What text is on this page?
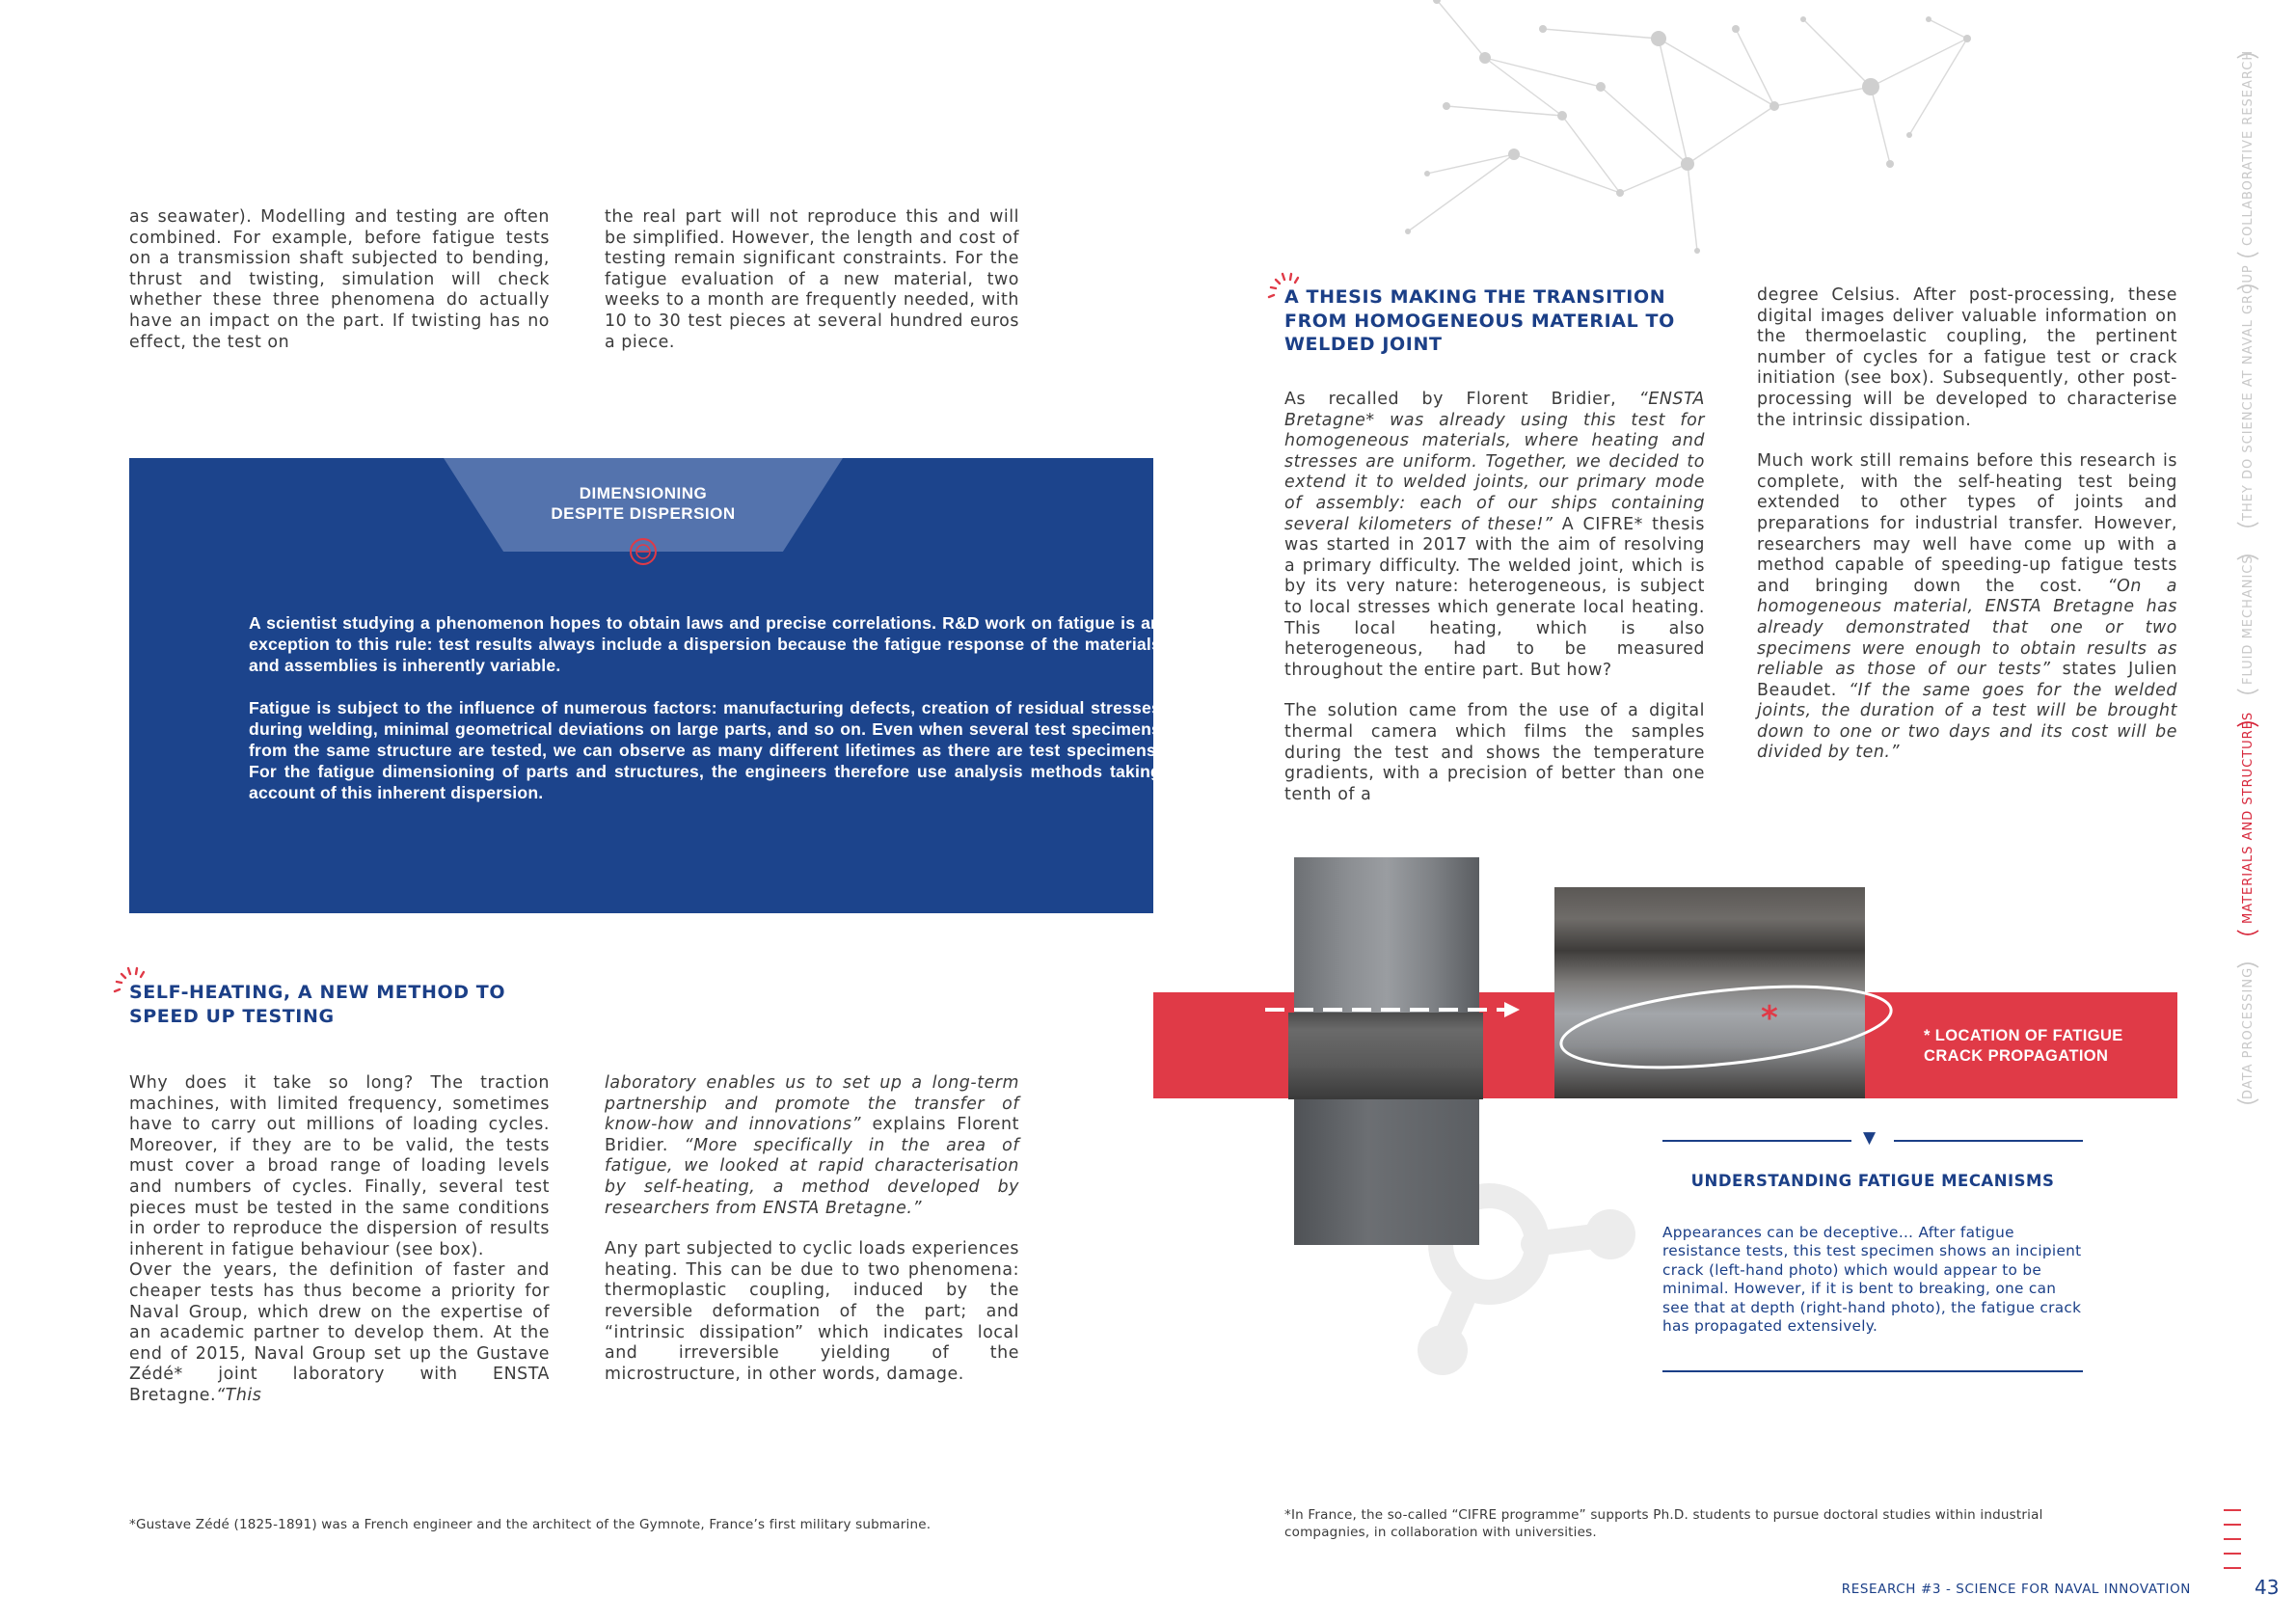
as seawater). Modelling and testing are often combined. For example, before fatigue tests on a transmission shaft subjected to bending, thrust and twisting, simulation will check whether these three phenomena do actually have an impact on the part. If twisting has no effect, the test on

the real part will not reproduce this and will be simplified. However, the length and cost of testing remain significant constraints. For the fatigue evaluation of a new material, two weeks to a month are frequently needed, with 10 to 30 test pieces at several hundred euros a piece.

DIMENSIONING
DESPITE DISPERSION

A scientist studying a phenomenon hopes to obtain laws and precise correlations. R&D work on fatigue is an exception to this rule: test results always include a dispersion because the fatigue response of the materials and assemblies is inherently variable.

Fatigue is subject to the influence of numerous factors: manufacturing defects, creation of residual stresses during welding, minimal geometrical deviations on large parts, and so on. Even when several test specimens from the same structure are tested, we can observe as many different lifetimes as there are test specimens. For the fatigue dimensioning of parts and structures, the engineers therefore use analysis methods taking account of this inherent dispersion.

SELF-HEATING, A NEW METHOD TO
SPEED UP TESTING

Why does it take so long? The traction machines, with limited frequency, sometimes have to carry out millions of loading cycles. Moreover, if they are to be valid, the tests must cover a broad range of loading levels and numbers of cycles. Finally, several test pieces must be tested in the same conditions in order to reproduce the dispersion of results inherent in fatigue behaviour (see box).

Over the years, the definition of faster and cheaper tests has thus become a priority for Naval Group, which drew on the expertise of an academic partner to develop them. At the end of 2015, Naval Group set up the Gustave Zédé* joint laboratory with ENSTA Bretagne.“This

laboratory enables us to set up a long-term partnership and promote the transfer of know-how and innovations” explains Florent Bridier. “More specifically in the area of fatigue, we looked at rapid characterisation by self-heating, a method developed by researchers from ENSTA Bretagne.”

Any part subjected to cyclic loads experiences heating. This can be due to two phenomena: thermoplastic coupling, induced by the reversible deformation of the part; and “intrinsic dissipation” which indicates local and irreversible yielding of the microstructure, in other words, damage.

A THESIS MAKING THE TRANSITION
FROM HOMOGENEOUS MATERIAL TO
WELDED JOINT

As recalled by Florent Bridier, “ENSTA Bretagne* was already using this test for homogeneous materials, where heating and stresses are uniform. Together, we decided to extend it to welded joints, our primary mode of assembly: each of our ships containing several kilometers of these!” A CIFRE* thesis was started in 2017 with the aim of resolving a primary difficulty. The welded joint, which is by its very nature: heterogeneous, is subject to local stresses which generate local heating. This local heating, which is also heterogeneous, had to be measured throughout the entire part. But how?

The solution came from the use of a digital thermal camera which films the samples during the test and shows the temperature gradients, with a precision of better than one tenth of a

degree Celsius. After post-processing, these digital images deliver valuable information on the thermoelastic coupling, the pertinent number of cycles for a fatigue test or crack initiation (see box). Subsequently, other post-processing will be developed to characterise the intrinsic dissipation.

Much work still remains before this research is complete, with the self-heating test being extended to other types of joints and preparations for industrial transfer. However, researchers may well have come up with a method capable of speeding-up fatigue tests and bringing down the cost. “On a homogeneous material, ENSTA Bretagne has already demonstrated that one or two specimens were enough to obtain results as reliable as those of our tests” states Julien Beaudet. “If the same goes for the welded joints, the duration of a test will be brought down to one or two days and its cost will be divided by ten.”

*	* LOCATION OF FATIGUE
CRACK PROPAGATION
▼
UNDERSTANDING FATIGUE MECANISMS
Appearances can be deceptive… After fatigue resistance tests, this test specimen shows an incipient crack (left-hand photo) which would appear to be minimal. However, if it is bent to breaking, one can see that at depth (right-hand photo), the fatigue crack has propagated extensively.
*Gustave Zédé (1825-1891) was a French engineer and the architect of the Gymnote, France’s first military submarine.
*In France, the so-called “CIFRE programme” supports Ph.D. students to pursue doctoral studies within industrial compagnies, in collaboration with universities.
RESEARCH #3 - SCIENCE FOR NAVAL INNOVATION	43
DATA PROCESSING
MATERIALS AND STRUCTURES
FLUID MECHANICS
THEY DO SCIENCE AT NAVAL GROUP
COLLABORATIVE RESEARCH
